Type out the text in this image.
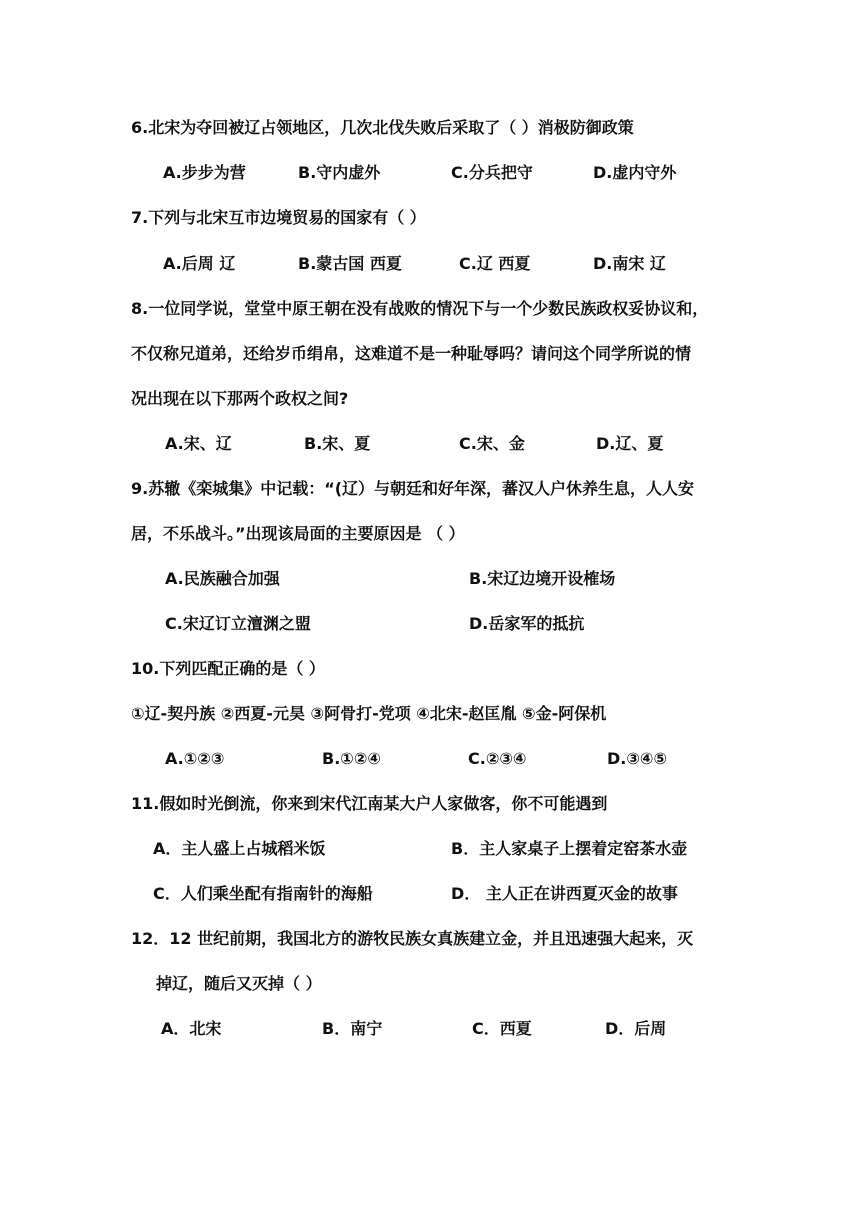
6.北宋为夺回被辽占领地区，几次北伐失败后采取了（ ）消极防御政策
A.步步为营	B.守内虚外	C.分兵把守	D.虚内守外
7.下列与北宋互市边境贸易的国家有（ ）
A.后周 辽	B.蒙古国 西夏	C.辽 西夏	D.南宋 辽
8.一位同学说，堂堂中原王朝在没有战败的情况下与一个少数民族政权妥协议和，
不仅称兄道弟，还给岁币绢帛，这难道不是一种耻辱吗？请问这个同学所说的情
况出现在以下那两个政权之间?
A.宋、辽	B.宋、夏	C.宋、金	D.辽、夏
9.苏辙《栾城集》中记载：“(辽）与朝廷和好年深，蕃汉人户休养生息，人人安
居，不乐战斗。”出现该局面的主要原因是 （ ）
A.民族融合加强	B.宋辽边境开设榷场
C.宋辽订立澶渊之盟	D.岳家军的抵抗
10.下列匹配正确的是（ ）
①辽-契丹族 ②西夏-元昊 ③阿骨打-党项 ④北宋-赵匡胤 ⑤金-阿保机
A.①②③	B.①②④	C.②③④	D.③④⑤
11.假如时光倒流，你来到宋代江南某大户人家做客，你不可能遇到
A．主人盛上占城稻米饭	B．主人家桌子上摆着定窑茶水壶
C．人们乘坐配有指南针的海船	D． 主人正在讲西夏灭金的故事
12．12 世纪前期，我国北方的游牧民族女真族建立金，并且迅速强大起来，灭
掉辽，随后又灭掉（ ）
A．北宋	B．南宁	C．西夏	D．后周
